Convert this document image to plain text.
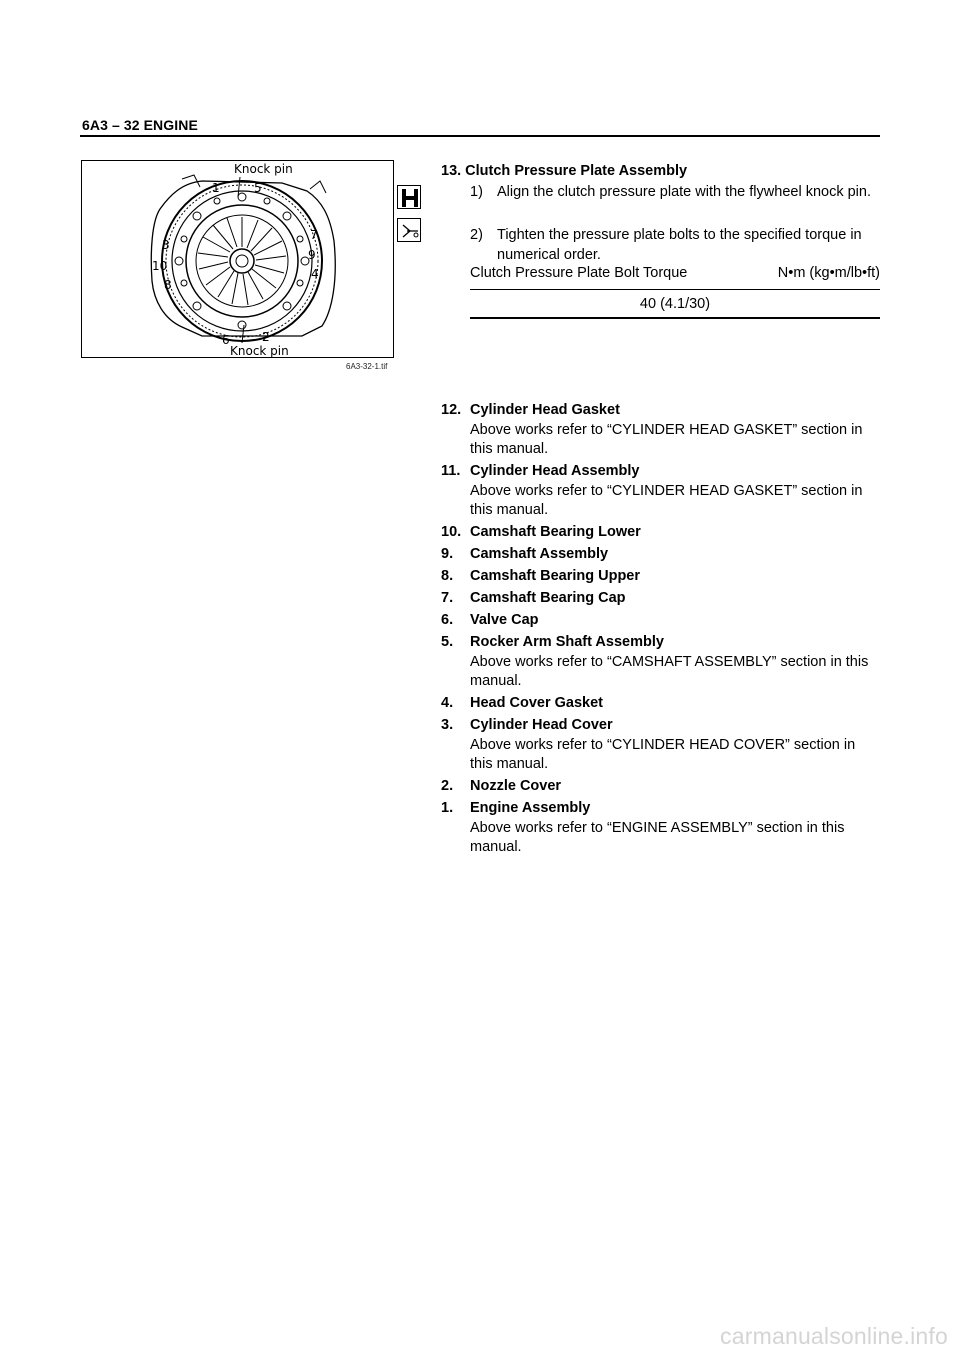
6A3 – 32 ENGINE
Knock pin
Knock pin
1	5
7
9
4
3
10
8
6	2
6A3-32-1.tif
13. Clutch Pressure Plate Assembly
1) Align the clutch pressure plate with the flywheel knock pin.
2) Tighten the pressure plate bolts to the specified torque in numerical order.
Clutch Pressure Plate Bolt Torque	N•m (kg•m/lb•ft)
40 (4.1/30)
12. Cylinder Head Gasket
Above works refer to “CYLINDER HEAD GASKET” section in this manual.
11. Cylinder Head Assembly
Above works refer to “CYLINDER HEAD GASKET” section in this manual.
10. Camshaft Bearing Lower
9. Camshaft Assembly
8. Camshaft Bearing Upper
7. Camshaft Bearing Cap
6. Valve Cap
5. Rocker Arm Shaft Assembly
Above works refer to “CAMSHAFT ASSEMBLY” section in this manual.
4. Head Cover Gasket
3. Cylinder Head Cover
Above works refer to “CYLINDER HEAD COVER” section in this manual.
2. Nozzle Cover
1. Engine Assembly
Above works refer to “ENGINE ASSEMBLY” section in this manual.
carmanualsonline.info
